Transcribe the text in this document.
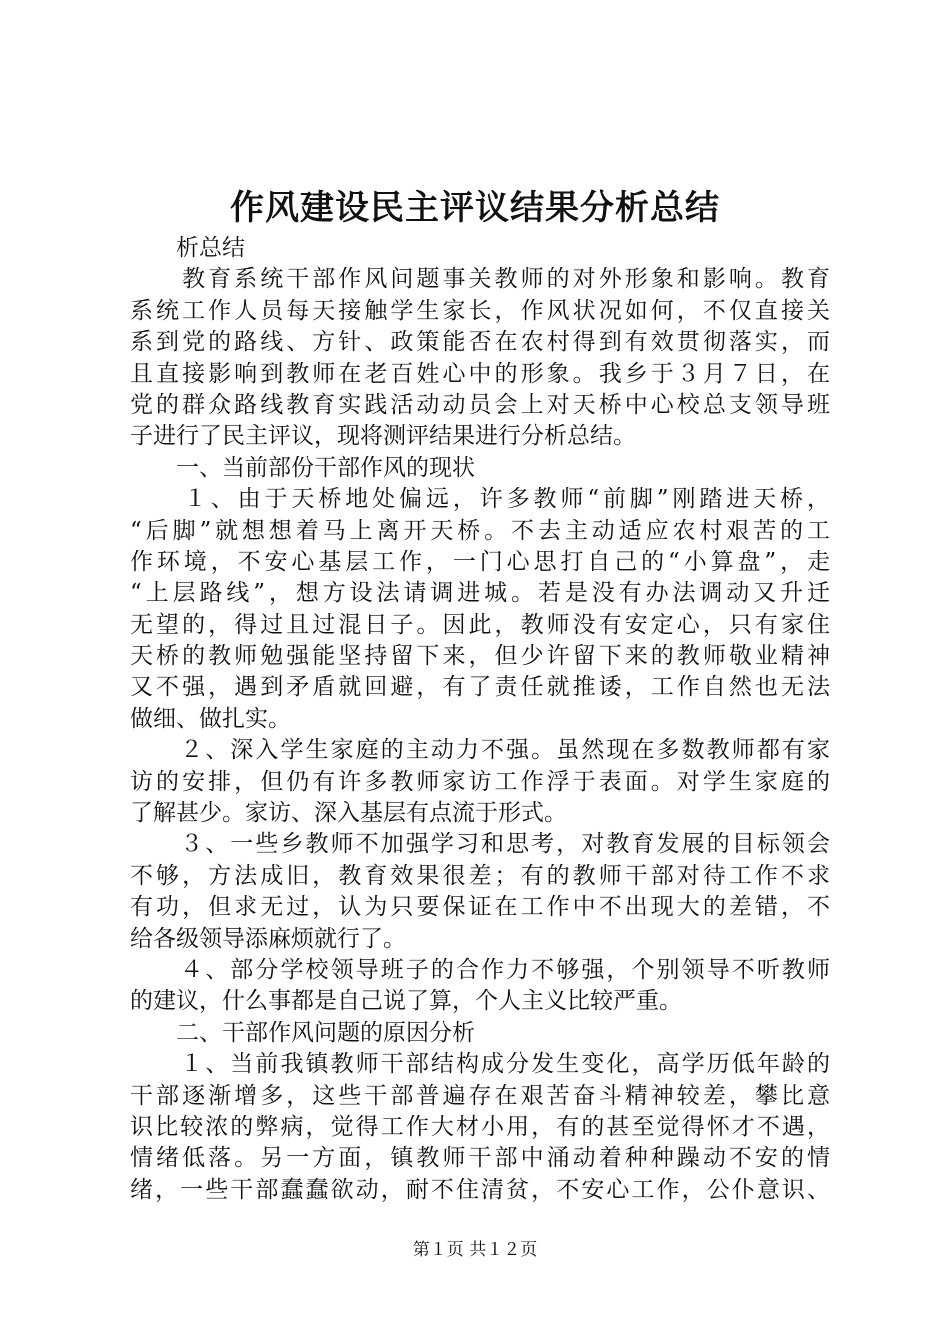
作风建设民主评议结果分析总结
　　析总结
　　教育系统干部作风问题事关教师的对外形象和影响。教育
系统工作人员每天接触学生家长，作风状况如何，不仅直接关
系到党的路线、方针、政策能否在农村得到有效贯彻落实，而
且直接影响到教师在老百姓心中的形象。我乡于３月７日，在
党的群众路线教育实践活动动员会上对天桥中心校总支领导班
子进行了民主评议，现将测评结果进行分析总结。
　　一、当前部份干部作风的现状
　　１、由于天桥地处偏远，许多教师“前脚”刚踏进天桥，
“后脚”就想想着马上离开天桥。不去主动适应农村艰苦的工
作环境，不安心基层工作，一门心思打自己的“小算盘”，走
“上层路线”，想方设法请调进城。若是没有办法调动又升迁
无望的，得过且过混日子。因此，教师没有安定心，只有家住
天桥的教师勉强能坚持留下来，但少许留下来的教师敬业精神
又不强，遇到矛盾就回避，有了责任就推诿，工作自然也无法
做细、做扎实。
　　２、深入学生家庭的主动力不强。虽然现在多数教师都有家
访的安排，但仍有许多教师家访工作浮于表面。对学生家庭的
了解甚少。家访、深入基层有点流于形式。
　　３、一些乡教师不加强学习和思考，对教育发展的目标领会
不够，方法成旧，教育效果很差；有的教师干部对待工作不求
有功，但求无过，认为只要保证在工作中不出现大的差错，不
给各级领导添麻烦就行了。
　　４、部分学校领导班子的合作力不够强，个别领导不听教师
的建议，什么事都是自己说了算，个人主义比较严重。
　　二、干部作风问题的原因分析
　　１、当前我镇教师干部结构成分发生变化，高学历低年龄的
干部逐渐增多，这些干部普遍存在艰苦奋斗精神较差，攀比意
识比较浓的弊病，觉得工作大材小用，有的甚至觉得怀才不遇，
情绪低落。另一方面，镇教师干部中涌动着种种躁动不安的情
绪，一些干部蠢蠢欲动，耐不住清贫，不安心工作，公仆意识、
第１页 共１２页
